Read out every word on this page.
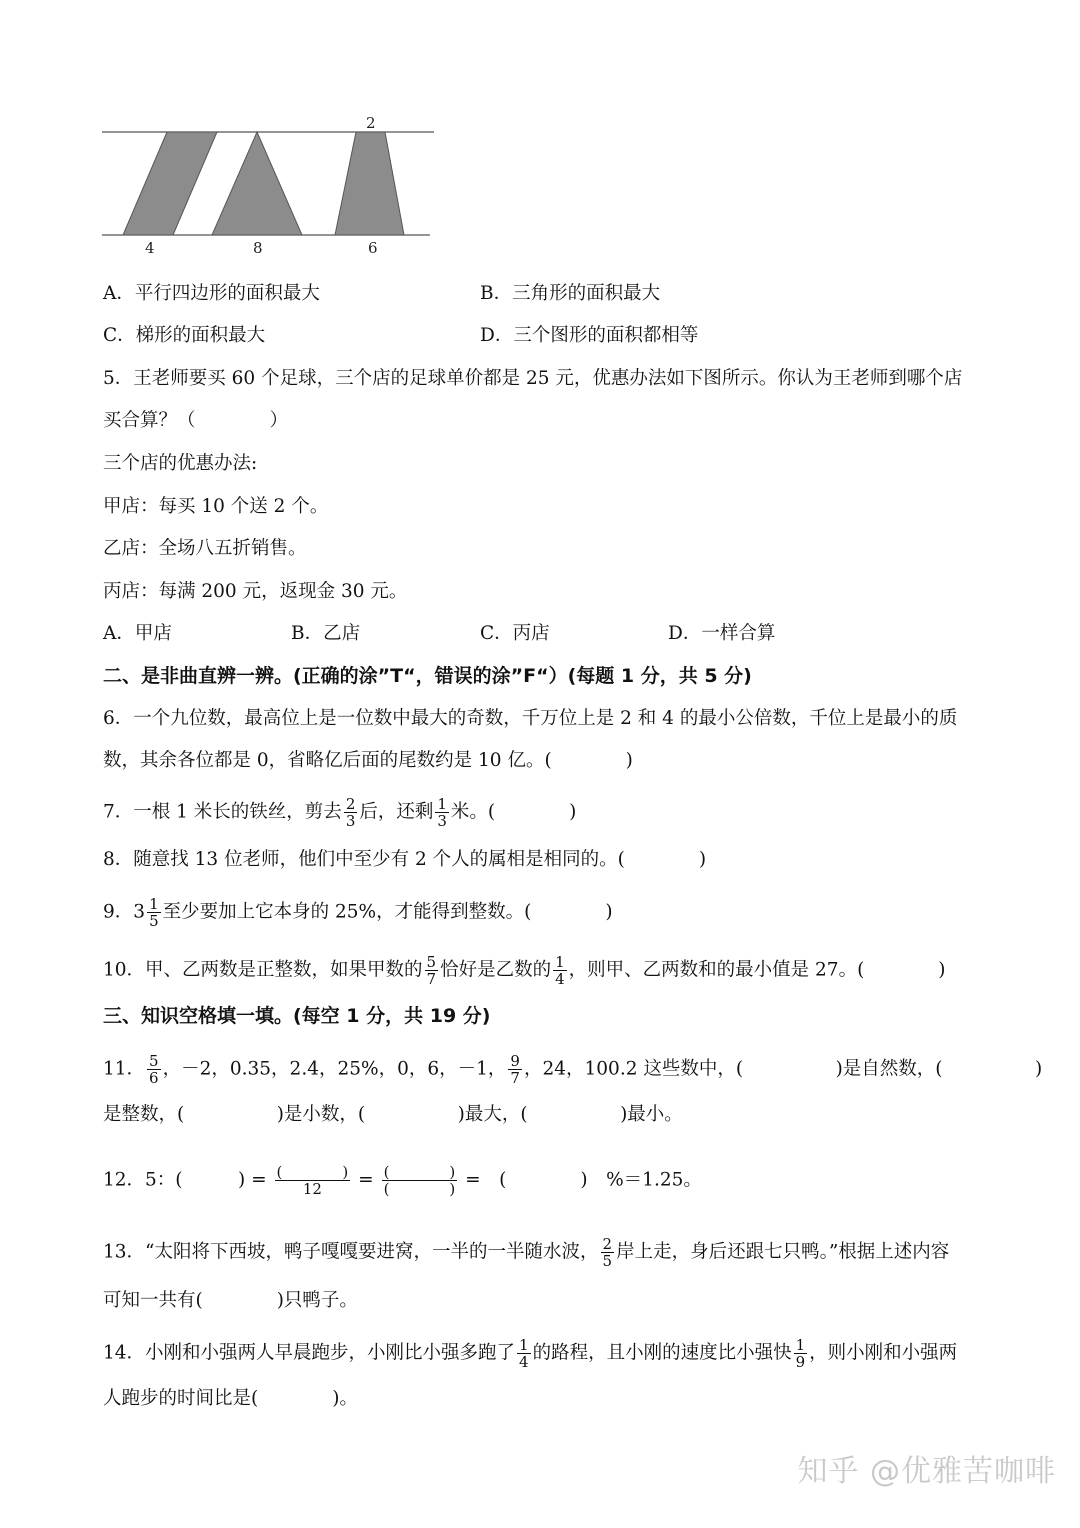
2
4	8	6
A．平行四边形的面积最大	B．三角形的面积最大
C．梯形的面积最大	D．三个图形的面积都相等
5．王老师要买 60 个足球，三个店的足球单价都是 25 元，优惠办法如下图所示。你认为王老师到哪个店
买合算？（　　　　）
三个店的优惠办法:
甲店：每买 10 个送 2 个。
乙店：全场八五折销售。
丙店：每满 200 元，返现金 30 元。
A．甲店	B．乙店	C．丙店	D．一样合算
二、是非曲直辨一辨。(正确的涂”T“，错误的涂”F“）(每题 1 分，共 5 分)
6．一个九位数，最高位上是一位数中最大的奇数，千万位上是 2 和 4 的最小公倍数，千位上是最小的质
数，其余各位都是 0，省略亿后面的尾数约是 10 亿。(　　　　)
7．一根 1 米长的铁丝，剪去 $\frac{2}{3}$ 后，还剩 $\frac{1}{3}$ 米。(　　　　)
8．随意找 13 位老师，他们中至少有 2 个人的属相是相同的。(　　　　)
9．$3 \frac{1}{5}$ 至少要加上它本身的 25%，才能得到整数。(　　　　)
10．甲、乙两数是正整数，如果甲数的 $\frac{5}{7}$ 恰好是乙数的 $\frac{1}{4}$ ，则甲、乙两数和的最小值是 27。(　　　　)
三、知识空格填一填。(每空 1 分，共 19 分)
11． $\frac{5}{6}$ ，－2，0.35，2.4，25%，0，6，－1， $\frac{9}{7}$ ，24，100.2 这些数中，(　　　　　)是自然数，(　　　　　)
是整数，(　　　　　)是小数，(　　　　　)最大，(　　　　　)最小。
12．5：(　　　) = (　　　　)
12	= (　　　　)
(　　　　) =　(　　　　)　%＝1.25。
13．“太阳将下西坡，鸭子嘎嘎要进窝，一半的一半随水波， $\frac{2}{5}$ 岸上走，身后还跟七只鸭。”根据上述内容
可知一共有(　　　　)只鸭子。
14．小刚和小强两人早晨跑步，小刚比小强多跑了 $\frac{1}{4}$ 的路程，且小刚的速度比小强快 $\frac{1}{9}$ ，则小刚和小强两
人跑步的时间比是(　　　　)。
知乎 @优雅苦咖啡
